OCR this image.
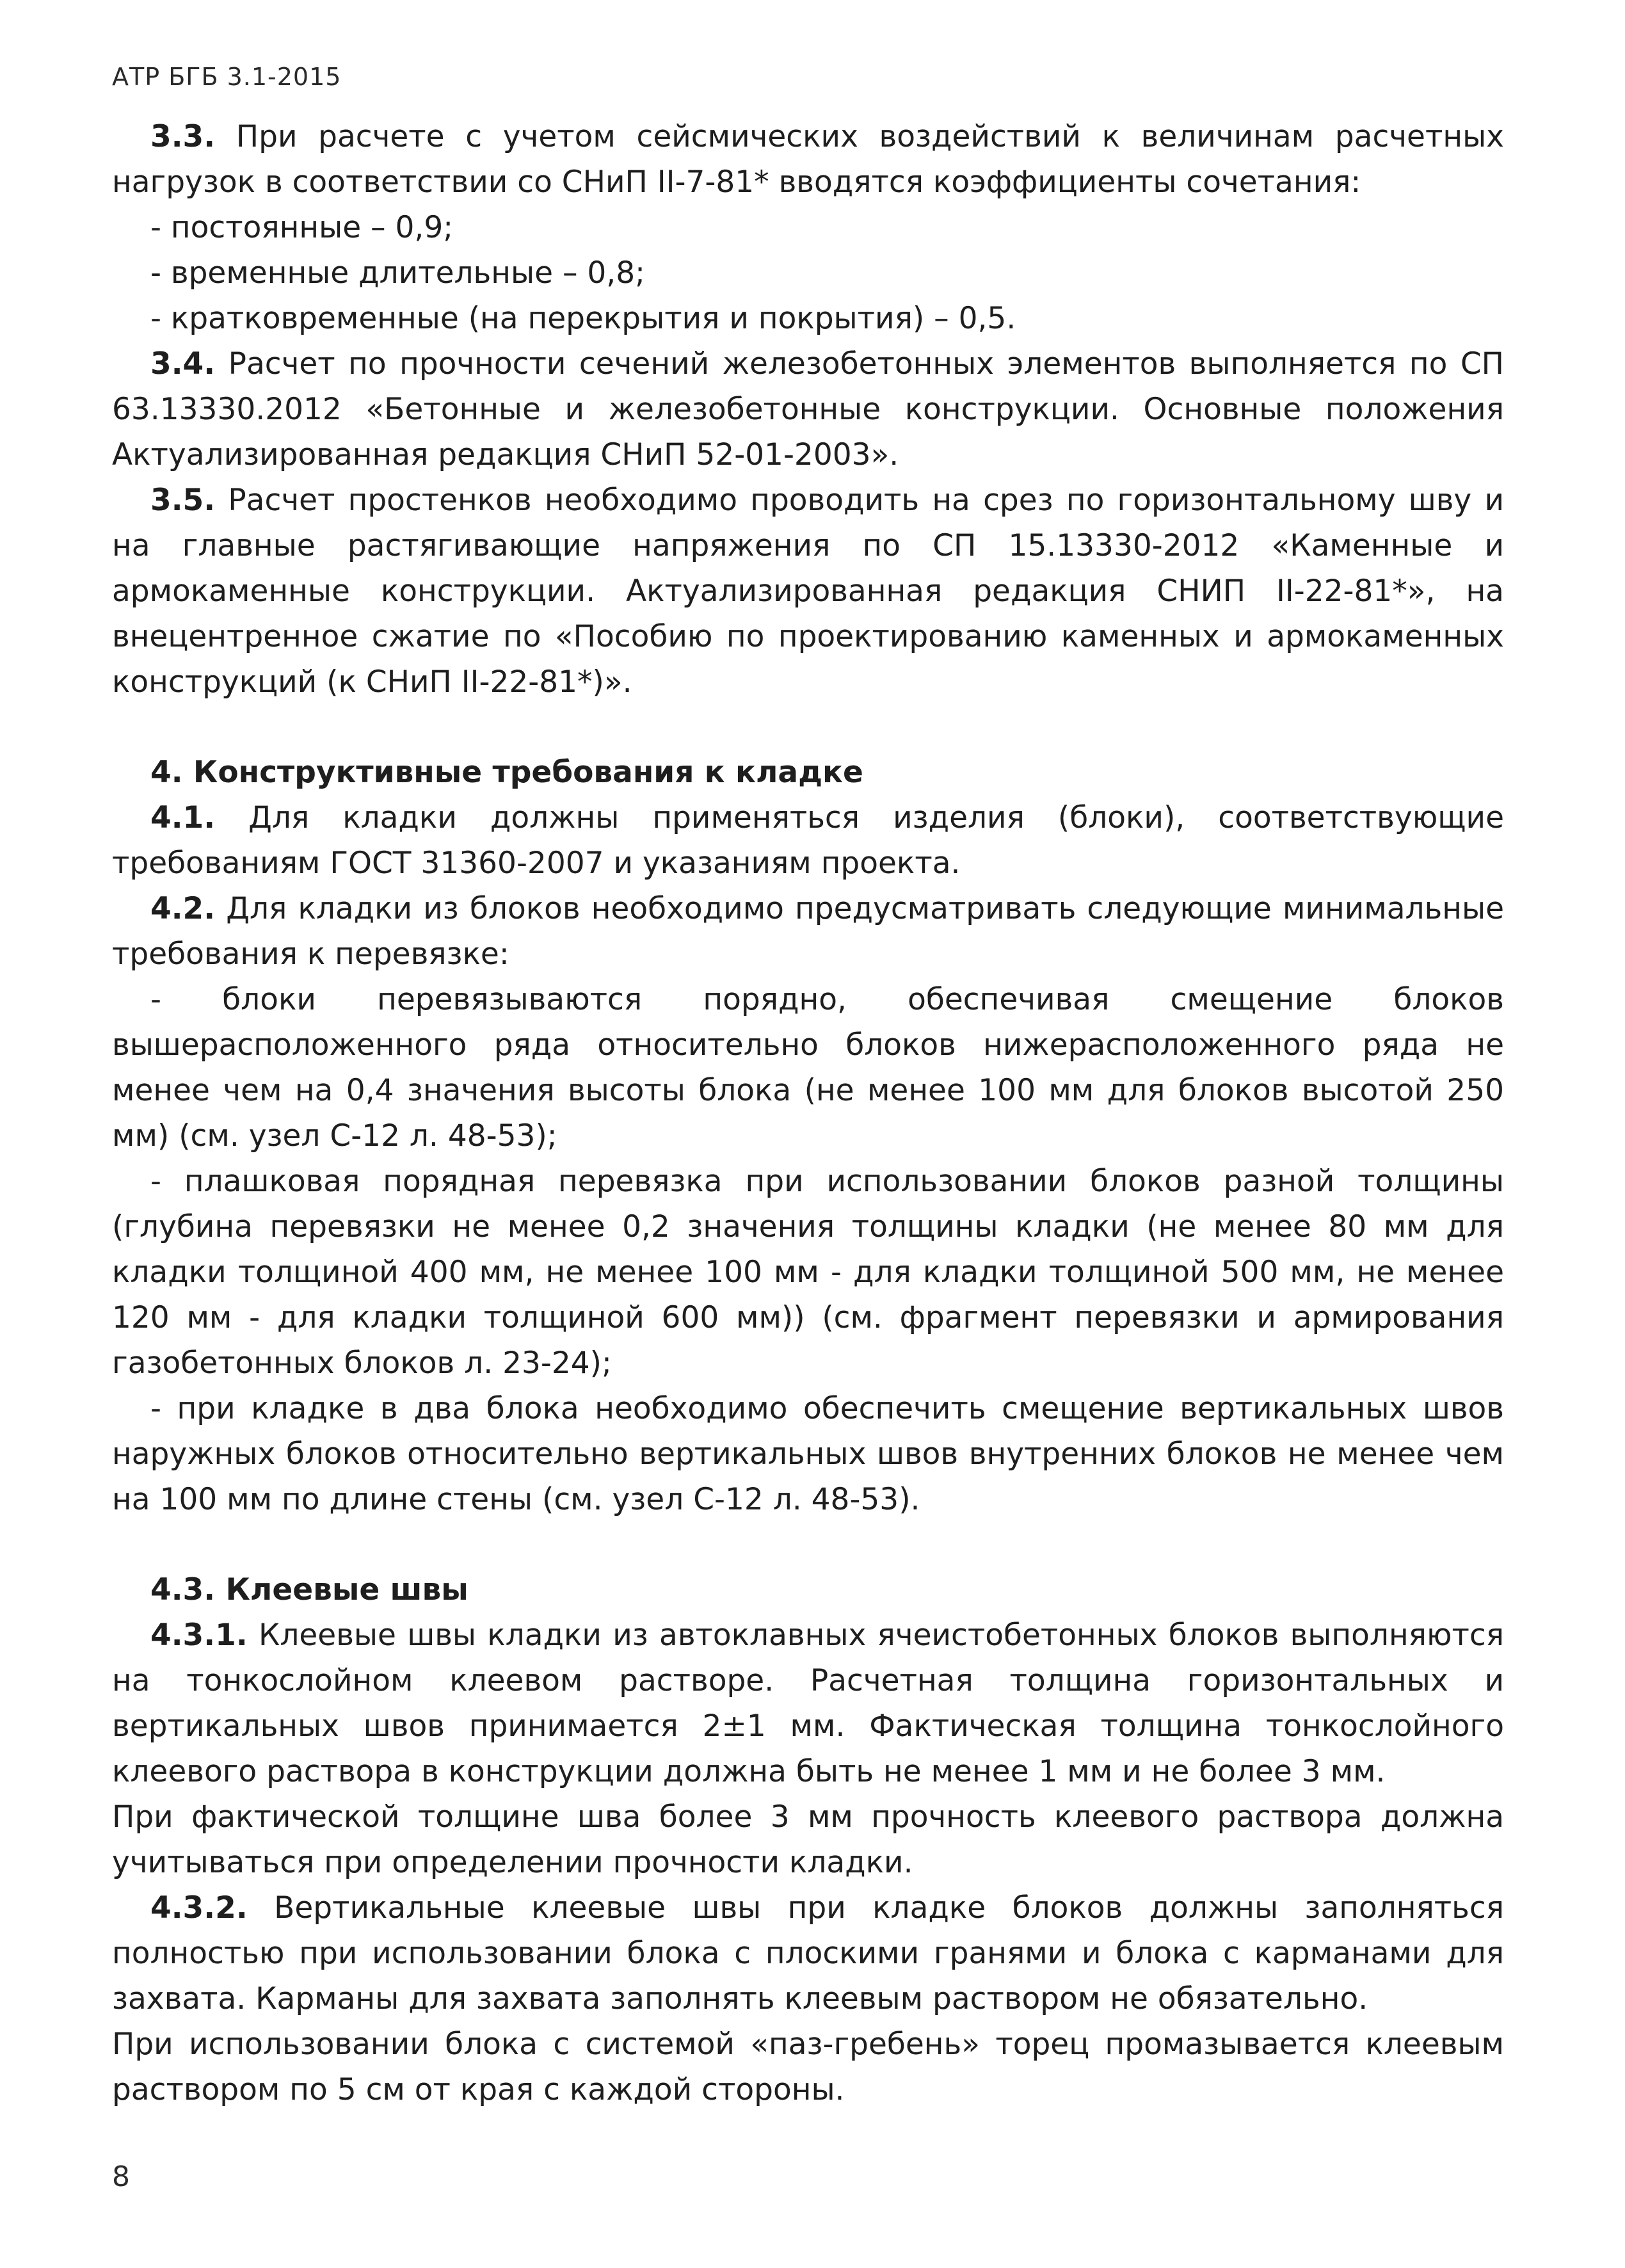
АТР БГБ 3.1-2015

3.3. При расчете с учетом сейсмических воздействий к величинам расчетных нагрузок в соответствии со СНиП II-7-81* вводятся коэффициенты сочетания:

- постоянные – 0,9;

- временные длительные – 0,8;

- кратковременные (на перекрытия и покрытия) – 0,5.

3.4. Расчет по прочности сечений железобетонных элементов выполняется по СП 63.13330.2012 «Бетонные и железобетонные конструкции. Основные положения Актуализированная редакция СНиП 52-01-2003».

3.5. Расчет простенков необходимо проводить на срез по горизонтальному шву и на главные растягивающие напряжения по СП 15.13330-2012 «Каменные и армокаменные конструкции. Актуализированная редакция СНИП II-22-81*», на внецентренное сжатие по «Пособию по проектированию каменных и армокаменных конструкций (к СНиП II-22-81*)».

4. Конструктивные требования к кладке

4.1. Для кладки должны применяться изделия (блоки), соответствующие требованиям ГОСТ 31360-2007 и указаниям проекта.

4.2. Для кладки из блоков необходимо предусматривать следующие минимальные требования к перевязке:

- блоки перевязываются порядно, обеспечивая смещение блоков вышерасположенного ряда относительно блоков нижерасположенного ряда не менее чем на 0,4 значения высоты блока (не менее 100 мм для блоков высотой 250 мм) (см. узел С-12 л. 48-53);

- плашковая порядная перевязка при использовании блоков разной толщины (глубина перевязки не менее 0,2 значения толщины кладки (не менее 80 мм для кладки толщиной 400 мм, не менее 100 мм - для кладки толщиной 500 мм, не менее 120 мм - для кладки толщиной 600 мм)) (см. фрагмент перевязки и армирования газобетонных блоков л. 23-24);

- при кладке в два блока необходимо обеспечить смещение вертикальных швов наружных блоков относительно вертикальных швов внутренних блоков не менее чем на 100 мм по длине стены (см. узел С-12 л. 48-53).

4.3. Клеевые швы

4.3.1. Клеевые швы кладки из автоклавных ячеистобетонных блоков выполняются на тонкослойном клеевом растворе. Расчетная толщина горизонтальных и вертикальных швов принимается 2±1 мм. Фактическая толщина тонкослойного клеевого раствора в конструкции должна быть не менее 1 мм и не более 3 мм.

При фактической толщине шва более 3 мм прочность клеевого раствора должна учитываться при определении прочности кладки.

4.3.2. Вертикальные клеевые швы при кладке блоков должны заполняться полностью при использовании блока с плоскими гранями и блока с карманами для захвата. Карманы для захвата заполнять клеевым раствором не обязательно.

При использовании блока с системой «паз-гребень» торец промазывается клеевым раствором по 5 см от края с каждой стороны.

8
